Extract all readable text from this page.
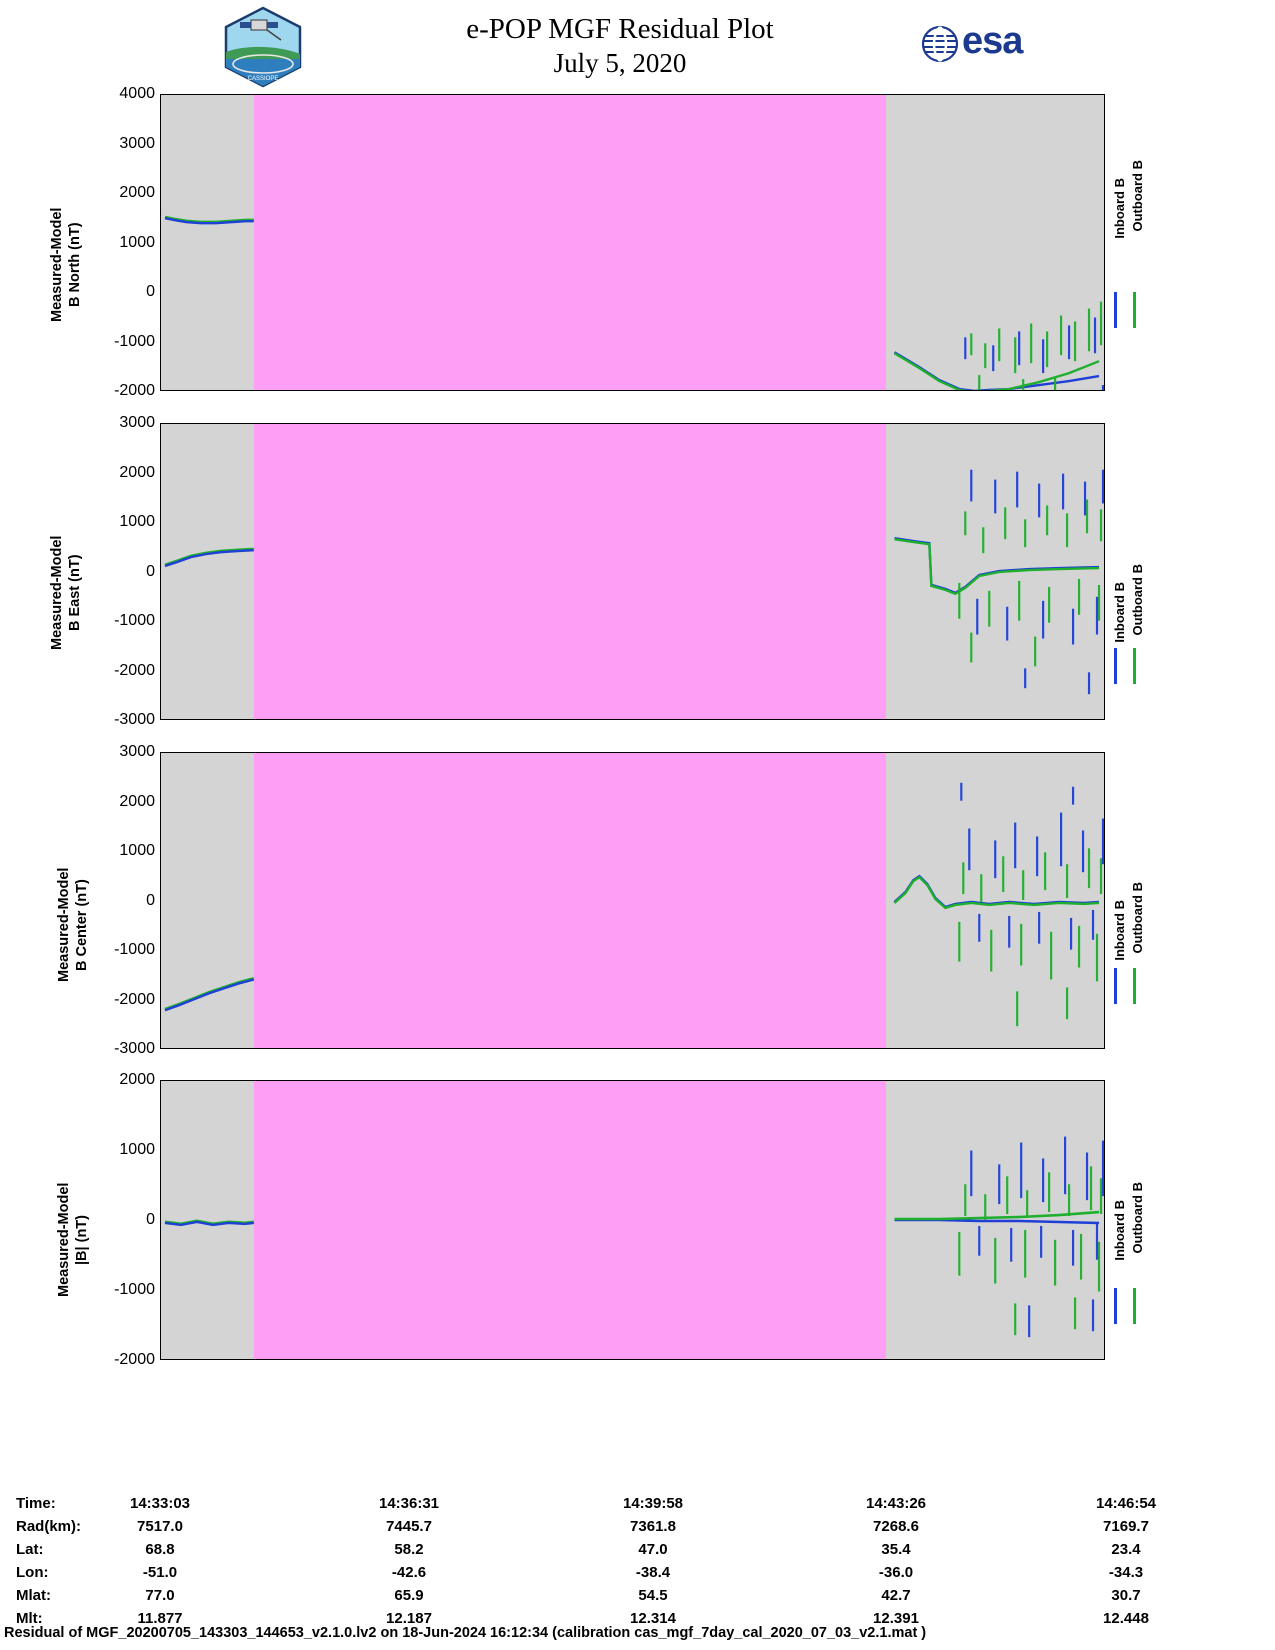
CASSIOPE
e-POP MGF Residual Plot
July 5, 2020
esa
Measured-Model B North (nT)
4000
3000
2000
1000
0
-1000
-2000
Inboard B Outboard B
Measured-Model B East (nT)
3000
2000
1000
0
-1000
-2000
-3000
Inboard B Outboard B
Measured-Model B Center (nT)
3000
2000
1000
0
-1000
-2000
-3000
Inboard B Outboard B
Measured-Model |B| (nT)
2000
1000
0
-1000
-2000
Inboard B Outboard B
Time:	14:33:03	14:36:31	14:39:58	14:43:26	14:46:54
Rad(km):	7517.0	7445.7	7361.8	7268.6	7169.7
Lat:	68.8	58.2	47.0	35.4	23.4
Lon:	-51.0	-42.6	-38.4	-36.0	-34.3
Mlat:	77.0	65.9	54.5	42.7	30.7
Mlt:	11.877	12.187	12.314	12.391	12.448
Residual of MGF_20200705_143303_144653_v2.1.0.lv2 on 18-Jun-2024 16:12:34 (calibration cas_mgf_7day_cal_2020_07_03_v2.1.mat )
